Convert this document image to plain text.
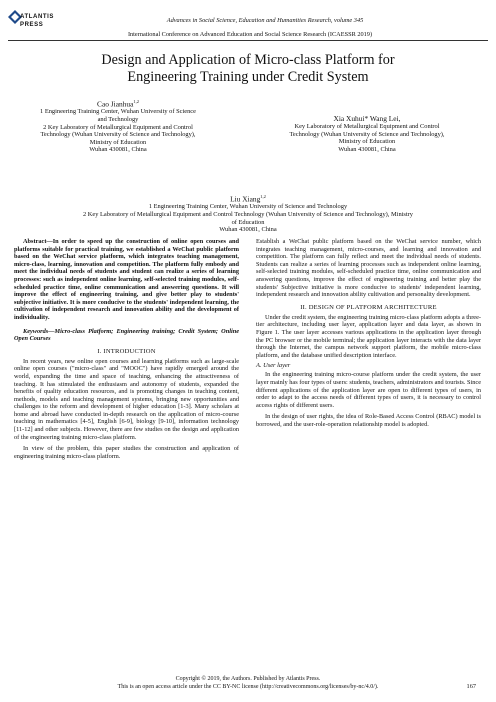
ATLANTIS
PRESS
Advances in Social Science, Education and Humanities Research, volume 345
International Conference on Advanced Education and Social Science Research (ICAESSR 2019)
Design and Application of Micro-class Platform for
Engineering Training under Credit System
Cao Jianhua$^{1,2}$
1 Engineering Training Center, Wuhan University of Science
and Technology
2 Key Laboratory of Metallurgical Equipment and Control
Technology (Wuhan University of Science and Technology),
Ministry of Education
Wuhan 430081, China
Xia Xuhui* Wang Lei,
Key Laboratory of Metallurgical Equipment and Control
Technology (Wuhan University of Science and Technology),
Ministry of Education
Wuhan 430081, China
Liu Xiang$^{1,2}$
1 Engineering Training Center, Wuhan University of Science and Technology
2 Key Laboratory of Metallurgical Equipment and Control Technology (Wuhan University of Science and Technology), Ministry
of Education
Wuhan 430081, China

Abstract—In order to speed up the construction of online open courses and platforms suitable for practical training, we established a WeChat public platform based on the WeChat service platform, which integrates teaching management, micro-class, learning, innovation and competition. The platform fully embody and meet the individual needs of students and student can realize a series of learning processes: such as independent online learning, self-selected training modules, self-scheduled practice time, online communication and answering questions. It will improve the effect of engineering training, and give better play to students' subjective initiative. It is more conducive to the students' independent learning, the cultivation of independent research and innovation ability and the development of individuality.

Keywords—Micro-class Platform; Engineering training; Credit System; Online Open Courses

I. INTRODUCTION

In recent years, new online open courses and learning platforms such as large-scale online open courses ("micro-class" and "MOOC") have rapidly emerged around the world, expanding the time and space of teaching, enhancing the attractiveness of teaching. It has stimulated the enthusiasm and autonomy of students, expanded the benefits of quality education resources, and is promoting changes in teaching content, methods, models and teaching management systems, bringing new opportunities and challenges to the reform and development of higher education [1-3]. Many scholars at home and abroad have conducted in-depth research on the application of micro-course teaching in mathematics [4-5], English [6-9], biology [9-10], information technology [11-12] and other subjects. However, there are few studies on the design and application of the engineering training micro-class platform.

In view of the problem, this paper studies the construction and application of engineering training micro-class platform.

Establish a WeChat public platform based on the WeChat service number, which integrates teaching management, micro-courses, and learning and innovation and competition. The platform can fully reflect and meet the individual needs of students. Students can realize a series of learning processes such as independent online learning, self-selected training modules, self-scheduled practice time, online communication and answering questions, improve the effect of engineering training and better play the students' Subjective initiative is more conducive to students' independent learning, independent research and innovation ability cultivation and personality development.

II. DESIGN OF PLATFORM ARCHITECTURE

Under the credit system, the engineering training micro-class platform adopts a three-tier architecture, including user layer, application layer and data layer, as shown in Figure 1. The user layer accesses various applications in the application layer through the PC browser or the mobile terminal; the application layer interacts with the data layer through the Internet, the campus network support platform, the mobile micro-class platform, and the database unified description interface.

A. User layer

In the engineering training micro-course platform under the credit system, the user layer mainly has four types of users: students, teachers, administrators and tourists. Since different applications of the application layer are open to different types of users, in order to adapt to the access needs of different types of users, it is necessary to control access rights of different users.

In the design of user rights, the idea of Role-Based Access Control (RBAC) model is borrowed, and the user-role-operation relationship model is adopted.

Copyright © 2019, the Authors. Published by Atlantis Press.
This is an open access article under the CC BY-NC license (http://creativecommons.org/licenses/by-nc/4.0/).	167
